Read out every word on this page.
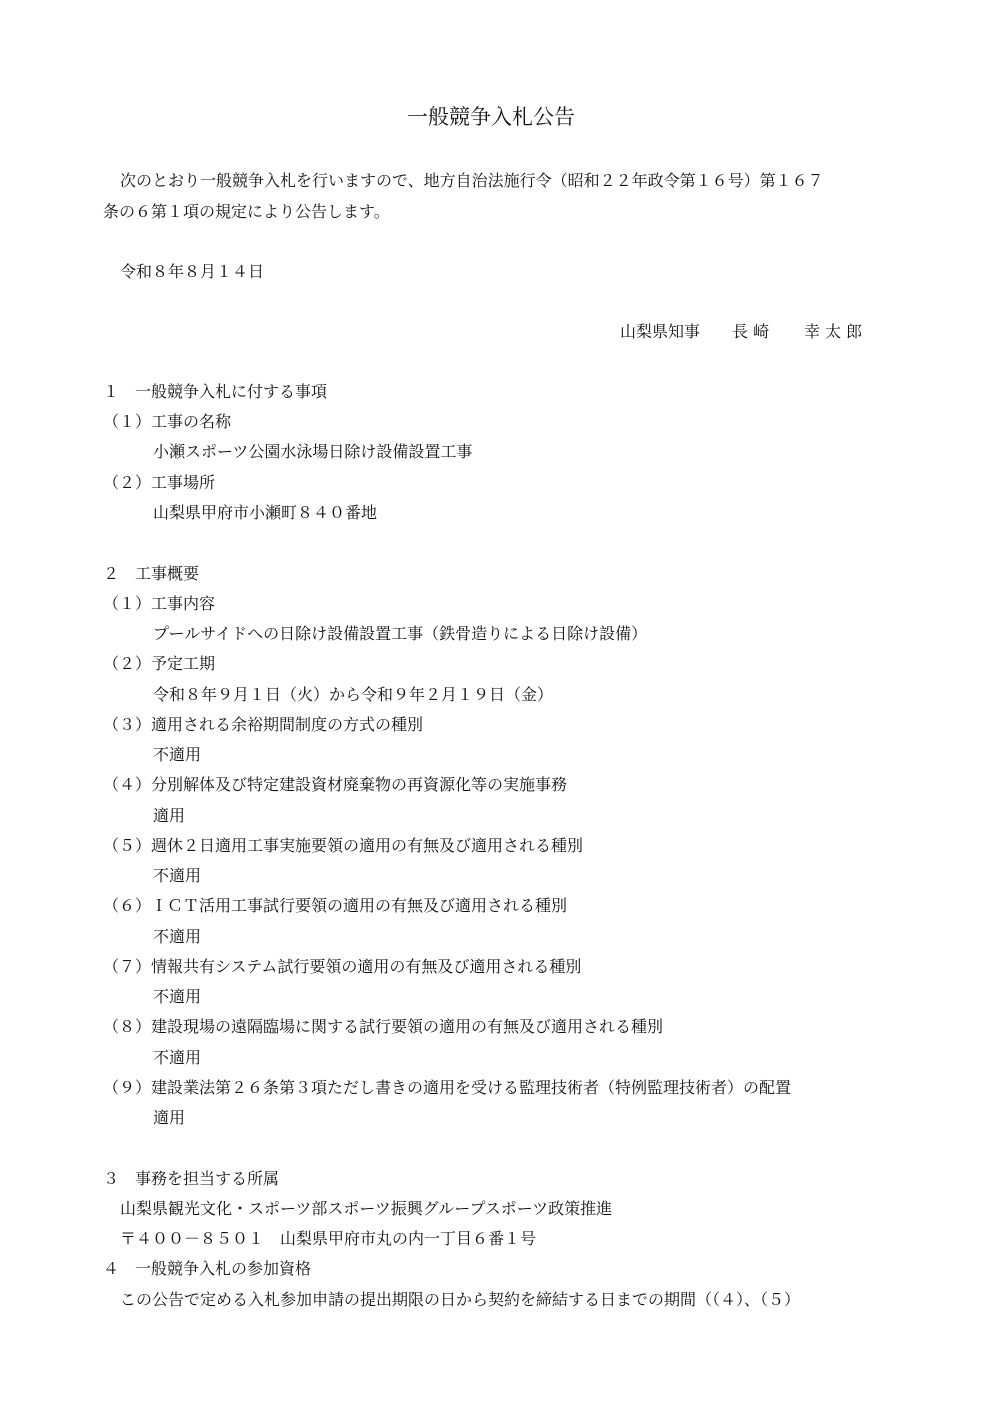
一般競争入札公告
次のとおり一般競争入札を行いますので、地方自治法施行令（昭和２２年政令第１６号）第１６７
条の６第１項の規定により公告します。
令和８年８月１４日
山梨県知事 長 崎 幸 太 郎
１　一般競争入札に付する事項
（１）工事の名称
小瀬スポーツ公園水泳場日除け設備設置工事
（２）工事場所
山梨県甲府市小瀬町８４０番地
２　工事概要
（１）工事内容
プールサイドへの日除け設備設置工事（鉄骨造りによる日除け設備）
（２）予定工期
令和８年９月１日（火）から令和９年２月１９日（金）
（３）適用される余裕期間制度の方式の種別
不適用
（４）分別解体及び特定建設資材廃棄物の再資源化等の実施事務
適用
（５）週休２日適用工事実施要領の適用の有無及び適用される種別
不適用
（６）ＩＣＴ活用工事試行要領の適用の有無及び適用される種別
不適用
（７）情報共有システム試行要領の適用の有無及び適用される種別
不適用
（８）建設現場の遠隔臨場に関する試行要領の適用の有無及び適用される種別
不適用
（９）建設業法第２６条第３項ただし書きの適用を受ける監理技術者（特例監理技術者）の配置
適用
３　事務を担当する所属
山梨県観光文化・スポーツ部スポーツ振興グループスポーツ政策推進
〒４００－８５０１　山梨県甲府市丸の内一丁目６番１号
４　一般競争入札の参加資格
この公告で定める入札参加申請の提出期限の日から契約を締結する日までの期間（（４）、（５）
